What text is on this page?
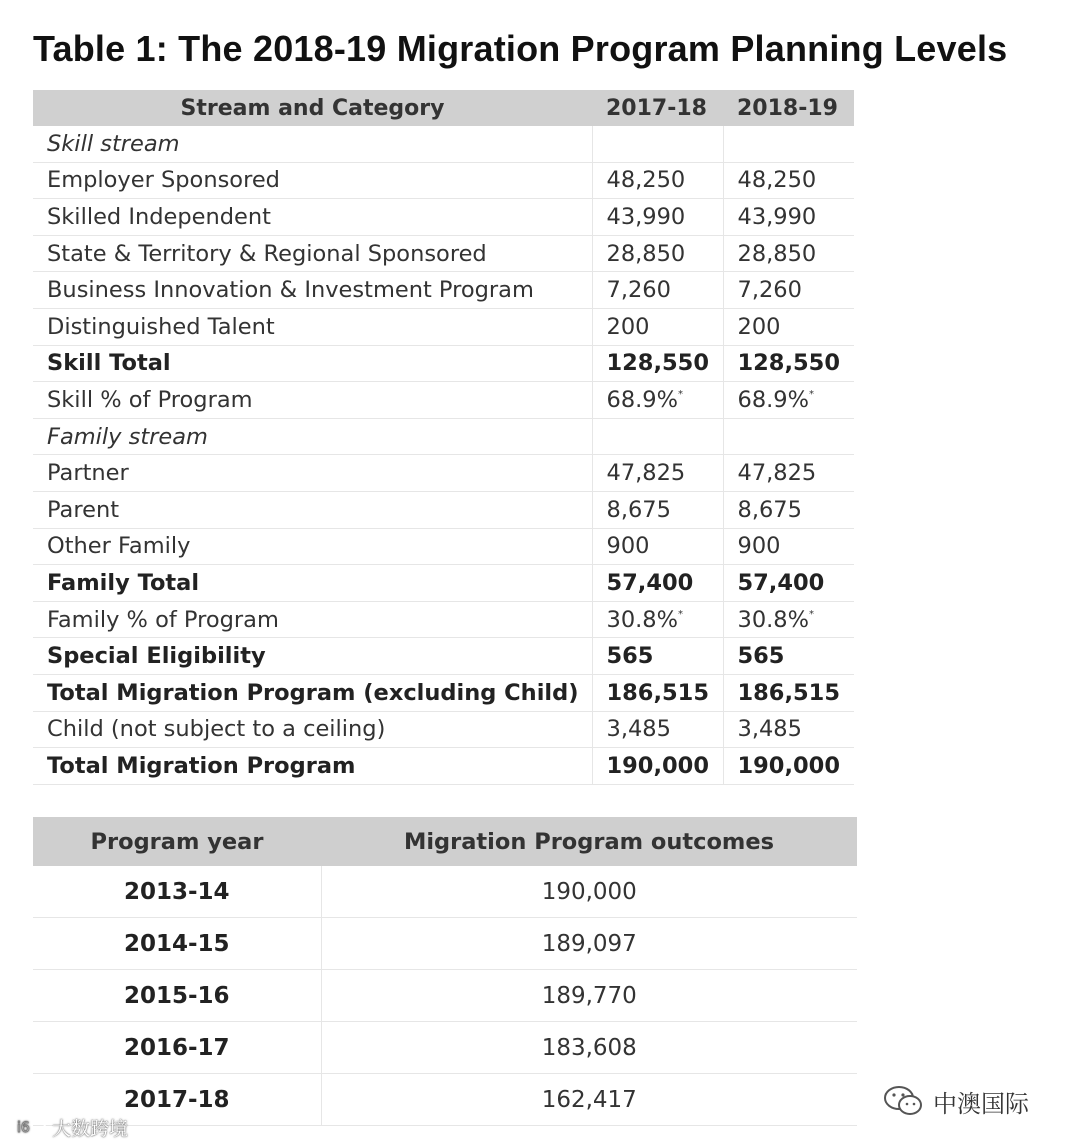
Table 1: The 2018-19 Migration Program Planning Levels
Stream and Category	2017-18	2018-19
Skill stream		
Employer Sponsored	48,250	48,250
Skilled Independent	43,990	43,990
State & Territory & Regional Sponsored	28,850	28,850
Business Innovation & Investment Program	7,260	7,260
Distinguished Talent	200	200
Skill Total	128,550	128,550
Skill % of Program	68.9%*	68.9%*
Family stream		
Partner	47,825	47,825
Parent	8,675	8,675
Other Family	900	900
Family Total	57,400	57,400
Family % of Program	30.8%*	30.8%*
Special Eligibility	565	565
Total Migration Program (excluding Child)	186,515	186,515
Child (not subject to a ceiling)	3,485	3,485
Total Migration Program	190,000	190,000
Program year	Migration Program outcomes
2013-14	190,000
2014-15	189,097
2015-16	189,770
2016-17	183,608
2017-18	162,417	中澳国际
i6 大数跨境
